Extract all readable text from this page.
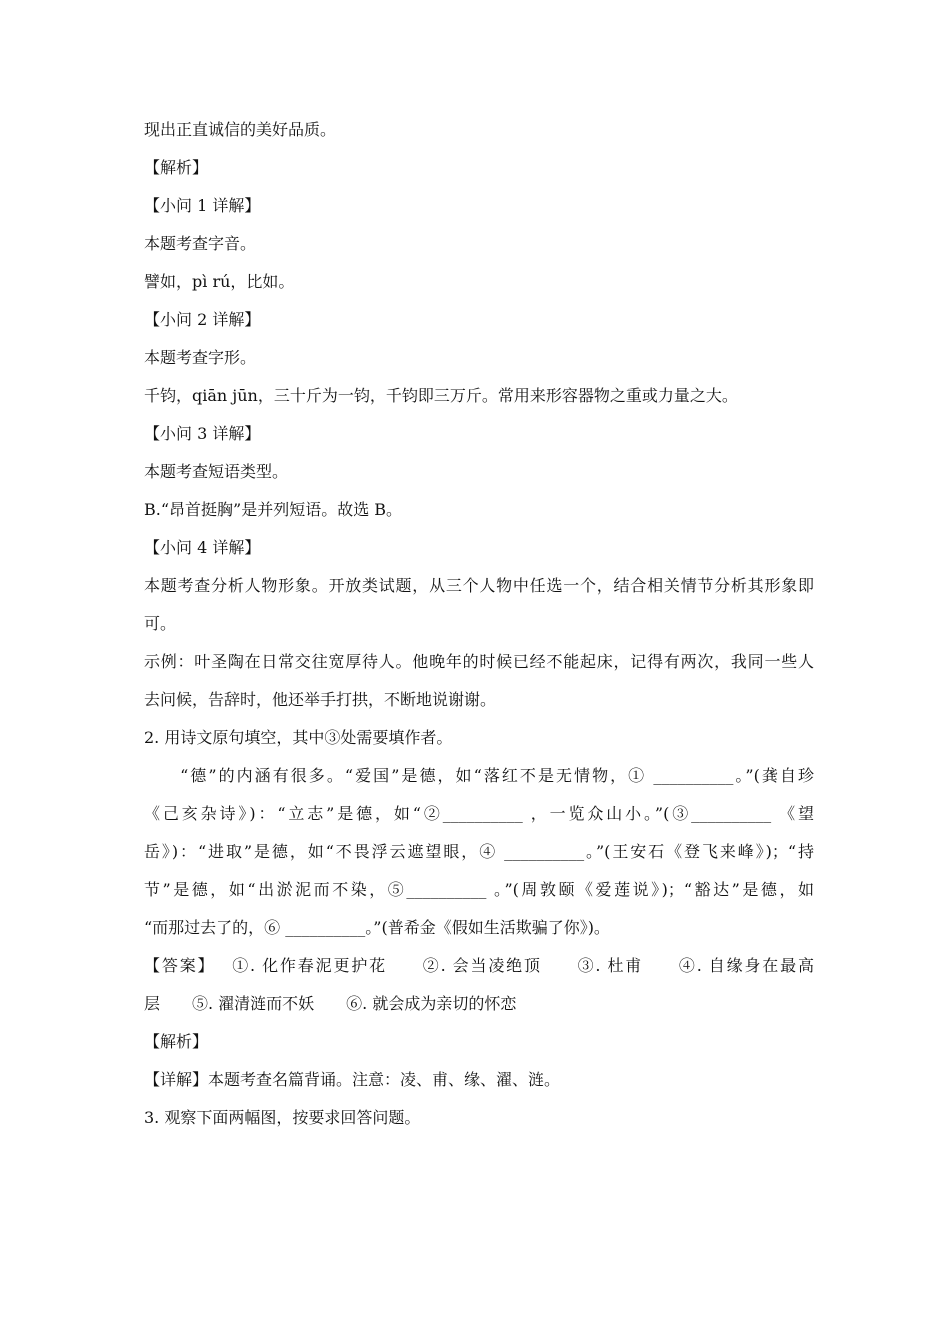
现出正直诚信的美好品质。
【解析】
【小问 1 详解】
本题考查字音。
譬如，pì rú，比如。
【小问 2 详解】
本题考查字形。
千钧，qiān jūn，三十斤为一钧，千钧即三万斤。常用来形容器物之重或力量之大。
【小问 3 详解】
本题考查短语类型。
B.“昂首挺胸”是并列短语。故选 B。
【小问 4 详解】
本题考查分析人物形象。开放类试题，从三个人物中任选一个，结合相关情节分析其形象即
可。
示例：叶圣陶在日常交往宽厚待人。他晚年的时候已经不能起床，记得有两次，我同一些人
去问候，告辞时，他还举手打拱，不断地说谢谢。
2. 用诗文原句填空，其中③处需要填作者。
　　“德”的内涵有很多。“爱国”是德，如“落红不是无情物，① __________。”(龚自珍
《己亥杂诗》)：“立志”是德，如“②__________ ，一览众山小。”(③__________ 《望
岳》)：“进取”是德，如“不畏浮云遮望眼，④ __________。”(王安石《登飞来峰》)；“持
节”是德，如“出淤泥而不染，⑤__________ 。”(周敦颐《爱莲说》)；“豁达”是德，如
“而那过去了的，⑥ __________。”(普希金《假如生活欺骗了你》)。
【答案】　 ①. 化作春泥更护花　　②. 会当凌绝顶　　③. 杜甫　　④. 自缘身在最高
层　　⑤. 濯清涟而不妖　　⑥. 就会成为亲切的怀恋
【解析】
【详解】本题考查名篇背诵。注意：凌、甫、缘、濯、涟。
3. 观察下面两幅图，按要求回答问题。
